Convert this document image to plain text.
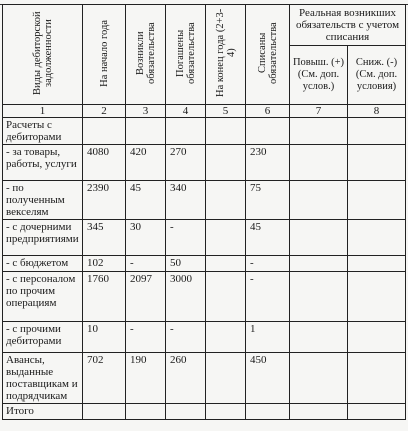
Виды дебиторской задолженности	На начало года	Возникли обязательства	Погашены обязательства	На конец года (2+3-4)	Списаны обязательства	Реальная возникших обязательств с учетом списания	
						Повыш. (+) (См. доп. услов.)	Сниж. (-) (См. доп. условия)
1	2	3	4	5	6	7	8
Расчеты с дебиторами							
- за товары, работы, услуги	4080	420	270		230		
- по полученным векселям	2390	45	340		75		
- с дочерними предприятиями	345	30	-		45		
- с бюджетом	102	-	50		-		
- с персоналом по прочим операциям	1760	2097	3000		-		
- с прочими дебиторами	10	-	-		1		
Авансы, выданные поставщикам и подрядчикам	702	190	260		450		
Итого							
